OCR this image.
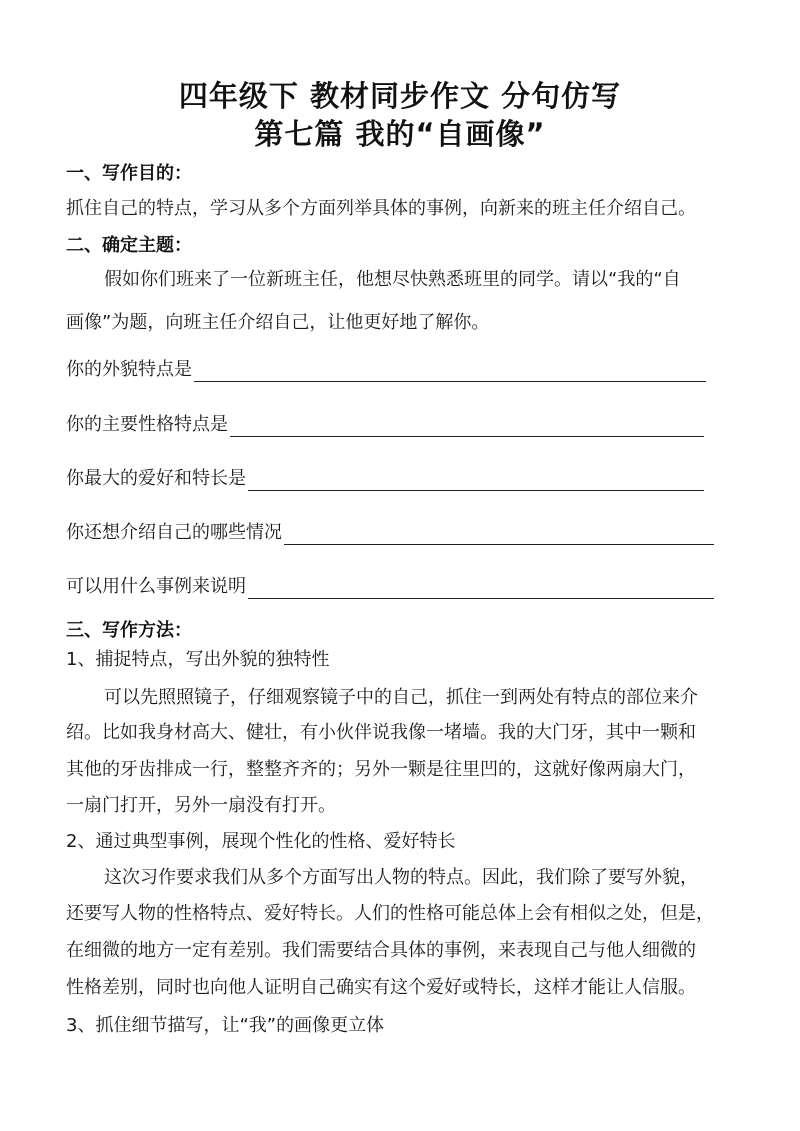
四年级下 教材同步作文 分句仿写
第七篇 我的“自画像”
一、写作目的：
抓住自己的特点，学习从多个方面列举具体的事例，向新来的班主任介绍自己。
二、确定主题：
假如你们班来了一位新班主任，他想尽快熟悉班里的同学。请以“我的“自
画像”为题，向班主任介绍自己，让他更好地了解你。
你的外貌特点是
你的主要性格特点是
你最大的爱好和特长是
你还想介绍自己的哪些情况
可以用什么事例来说明
三、写作方法：
1、捕捉特点，写出外貌的独特性
可以先照照镜子，仔细观察镜子中的自己，抓住一到两处有特点的部位来介
绍。比如我身材高大、健壮，有小伙伴说我像一堵墙。我的大门牙，其中一颗和
其他的牙齿排成一行，整整齐齐的；另外一颗是往里凹的，这就好像两扇大门，
一扇门打开，另外一扇没有打开。
2、通过典型事例，展现个性化的性格、爱好特长
这次习作要求我们从多个方面写出人物的特点。因此，我们除了要写外貌，
还要写人物的性格特点、爱好特长。人们的性格可能总体上会有相似之处，但是，
在细微的地方一定有差别。我们需要结合具体的事例，来表现自己与他人细微的
性格差别，同时也向他人证明自己确实有这个爱好或特长，这样才能让人信服。
3、抓住细节描写，让“我”的画像更立体
